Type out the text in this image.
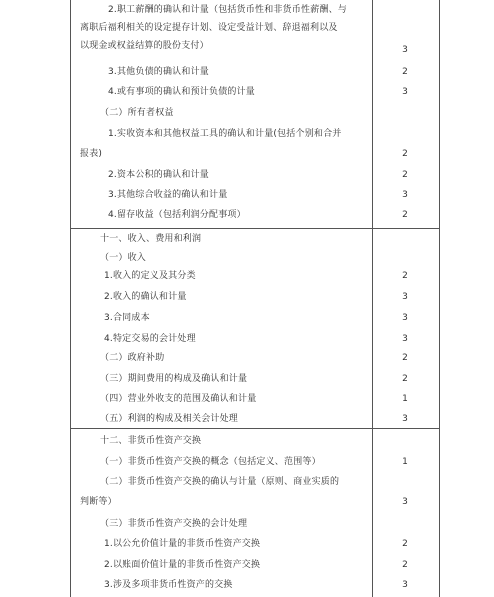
2.职工薪酬的确认和计量（包括货币性和非货币性薪酬、与
离职后福利相关的设定提存计划、设定受益计划、辞退福利以及
以现金或权益结算的股份支付）	3
3.其他负债的确认和计量	2
4.或有事项的确认和预计负债的计量	3
（二）所有者权益
1.实收资本和其他权益工具的确认和计量(包括个别和合并
报表)	2
2.资本公积的确认和计量	2
3.其他综合收益的确认和计量	3
4.留存收益（包括利润分配事项）	2
十一、收入、费用和利润
（一）收入
1.收入的定义及其分类	2
2.收入的确认和计量	3
3.合同成本	3
4.特定交易的会计处理	3
（二）政府补助	2
（三）期间费用的构成及确认和计量	2
（四）营业外收支的范围及确认和计量	1
（五）利润的构成及相关会计处理	3
十二、非货币性资产交换
（一）非货币性资产交换的概念（包括定义、范围等）	1
（二）非货币性资产交换的确认与计量（原则、商业实质的
判断等）	3
（三）非货币性资产交换的会计处理
1.以公允价值计量的非货币性资产交换	2
2.以账面价值计量的非货币性资产交换	2
3.涉及多项非货币性资产的交换	3
